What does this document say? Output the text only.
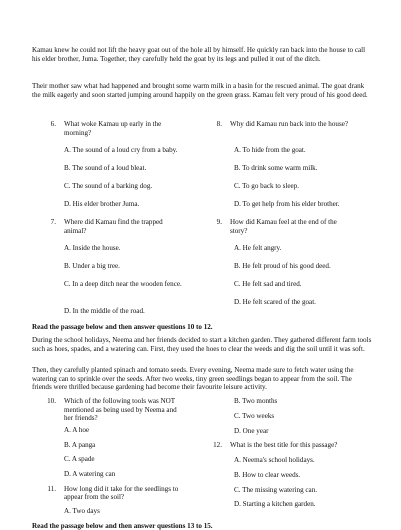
Kamau knew he could not lift the heavy goat out of the hole all by himself. He quickly ran back into the house to call his elder brother, Juma. Together, they carefully held the goat by its legs and pulled it out of the ditch.

Their mother saw what had happened and brought some warm milk in a basin for the rescued animal. The goat drank the milk eagerly and soon started jumping around happily on the green grass. Kamau felt very proud of his good deed.

6. What woke Kamau up early in the morning?
A. The sound of a loud cry from a baby.
B. The sound of a loud bleat.
C. The sound of a barking dog.
D. His elder brother Juma.
7. Where did Kamau find the trapped animal?
A. Inside the house.
B. Under a big tree.
C. In a deep ditch near the wooden fence.
D. In the middle of the road.
8. Why did Kamau run back into the house?
A. To hide from the goat.
B. To drink some warm milk.
C. To go back to sleep.
D. To get help from his elder brother.
9. How did Kamau feel at the end of the story?
A. He felt angry.
B. He felt proud of his good deed.
C. He felt sad and tired.
D. He felt scared of the goat.

Read the passage below and then answer questions 10 to 12.

During the school holidays, Neema and her friends decided to start a kitchen garden. They gathered different farm tools such as hoes, spades, and a watering can. First, they used the hoes to clear the weeds and dig the soil until it was soft.

Then, they carefully planted spinach and tomato seeds. Every evening, Neema made sure to fetch water using the watering can to sprinkle over the seeds. After two weeks, tiny green seedlings began to appear from the soil. The friends were thrilled because gardening had become their favourite leisure activity.

10. Which of the following tools was NOT mentioned as being used by Neema and her friends?
A. A hoe
B. A panga
C. A spade
D. A watering can
11. How long did it take for the seedlings to appear from the soil?
A. Two days
B. Two months
C. Two weeks
D. One year
12. What is the best title for this passage?
A. Neema's school holidays.
B. How to clear weeds.
C. The missing watering can.
D. Starting a kitchen garden.

Read the passage below and then answer questions 13 to 15.
